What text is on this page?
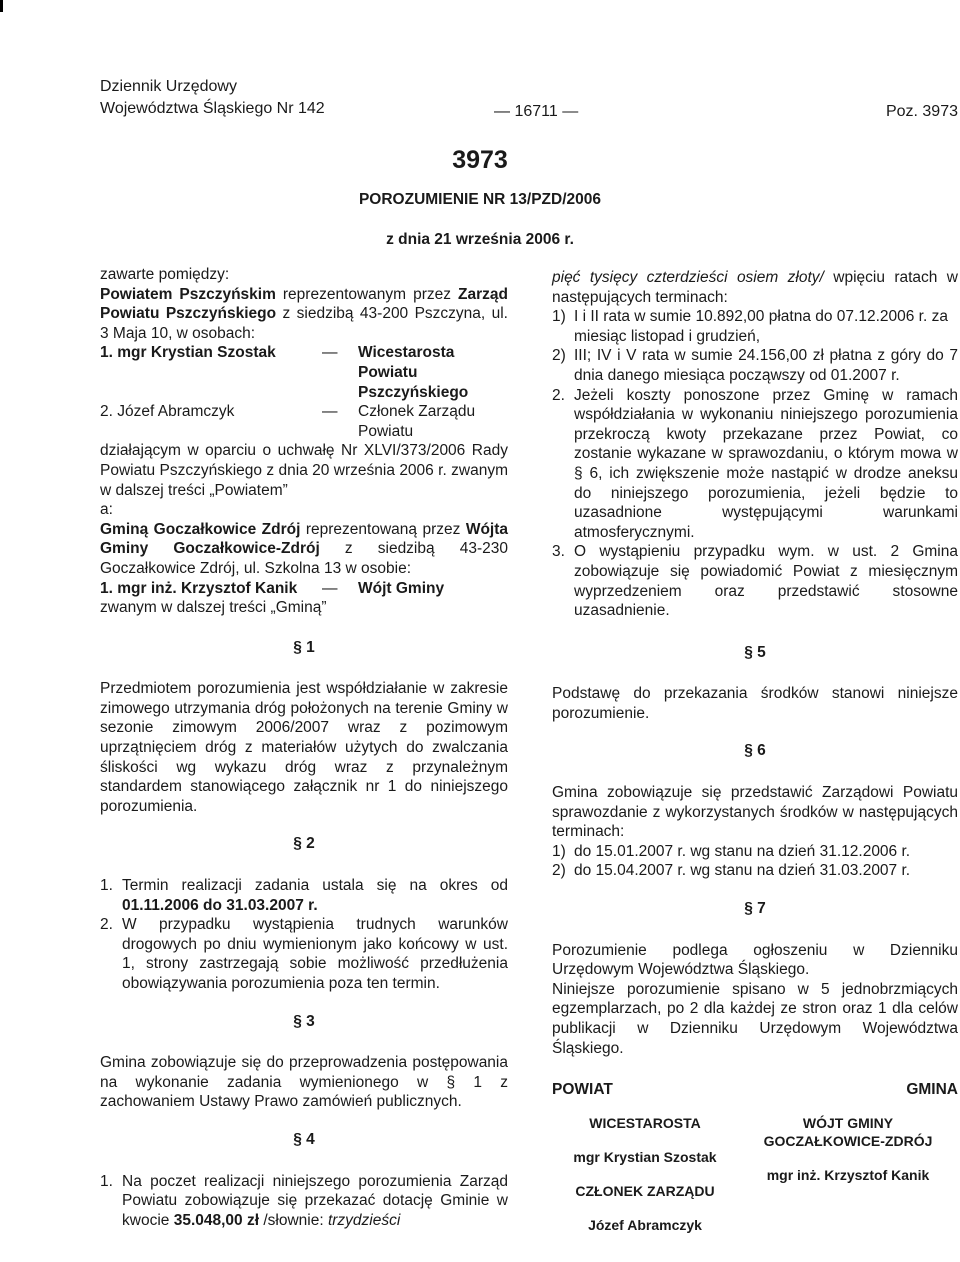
Dziennik Urzędowy
Województwa Śląskiego Nr 142	— 16711 —	Poz. 3973
3973
POROZUMIENIE NR 13/PZD/2006
z dnia 21 września 2006 r.

zawarte pomiędzy:

Powiatem Pszczyńskim reprezentowanym przez Zarząd Powiatu Pszczyńskiego z siedzibą 43-200 Pszczyna, ul. 3 Maja 10, w osobach:

1. mgr Krystian Szostak	—	Wicestarosta Powiatu Pszczyńskiego
2. Józef Abramczyk	—	Członek Zarządu Powiatu

działającym w oparciu o uchwałę Nr XLVI/373/2006 Rady Powiatu Pszczyńskiego z dnia 20 września 2006 r. zwanym w dalszej treści „Powiatem”

a:

Gminą Goczałkowice Zdrój reprezentowaną przez Wójta Gminy Goczałkowice-Zdrój z siedzibą 43-230 Goczałkowice Zdrój, ul. Szkolna 13 w osobie:

1. mgr inż. Krzysztof Kanik	—	Wójt Gminy

zwanym w dalszej treści „Gminą”

§ 1

Przedmiotem porozumienia jest współdziałanie w zakresie zimowego utrzymania dróg położonych na terenie Gminy w sezonie zimowym 2006/2007 wraz z pozimowym uprzątnięciem dróg z materiałów użytych do zwalczania śliskości wg wykazu dróg wraz z przynależnym standardem stanowiącego załącznik nr 1 do niniejszego porozumienia.

§ 2

1. Termin realizacji zadania ustala się na okres od 01.11.2006 do 31.03.2007 r.
2. W przypadku wystąpienia trudnych warunków drogowych po dniu wymienionym jako końcowy w ust. 1, strony zastrzegają sobie możliwość przedłużenia obowiązywania porozumienia poza ten termin.

§ 3

Gmina zobowiązuje się do przeprowadzenia postępowania na wykonanie zadania wymienionego w § 1 z zachowaniem Ustawy Prawo zamówień publicznych.

§ 4

1. Na poczet realizacji niniejszego porozumienia Zarząd Powiatu zobowiązuje się przekazać dotację Gminie w kwocie 35.048,00 zł /słownie: trzydzieści

pięć tysięcy czterdzieści osiem złoty/ wpięciu ratach w następujących terminach:

1) I i II rata w sumie 10.892,00 płatna do 07.12.2006 r. za miesiąc listopad i grudzień,
2) III; IV i V rata w sumie 24.156,00 zł płatna z góry do 7 dnia danego miesiąca począwszy od 01.2007 r.
2. Jeżeli koszty ponoszone przez Gminę w ramach współdziałania w wykonaniu niniejszego porozumienia przekroczą kwoty przekazane przez Powiat, co zostanie wykazane w sprawozdaniu, o którym mowa w § 6, ich zwiększenie może nastąpić w drodze aneksu do niniejszego porozumienia, jeżeli będzie to uzasadnione występującymi warunkami atmosferycznymi.
3. O wystąpieniu przypadku wym. w ust. 2 Gmina zobowiązuje się powiadomić Powiat z miesięcznym wyprzedzeniem oraz przedstawić stosowne uzasadnienie.

§ 5

Podstawę do przekazania środków stanowi niniejsze porozumienie.

§ 6

Gmina zobowiązuje się przedstawić Zarządowi Powiatu sprawozdanie z wykorzystanych środków w następujących terminach:

1) do 15.01.2007 r. wg stanu na dzień 31.12.2006 r.
2) do 15.04.2007 r. wg stanu na dzień 31.03.2007 r.

§ 7

Porozumienie podlega ogłoszeniu w Dzienniku Urzędowym Województwa Śląskiego.

Niniejsze porozumienie spisano w 5 jednobrzmiących egzemplarzach, po 2 dla każdej ze stron oraz 1 dla celów publikacji w Dzienniku Urzędowym Województwa Śląskiego.

POWIAT	GMINA
WICESTAROSTA
mgr Krystian Szostak
CZŁONEK ZARZĄDU
Józef Abramczyk
WÓJT GMINY
GOCZAŁKOWICE-ZDRÓJ
mgr inż. Krzysztof Kanik
